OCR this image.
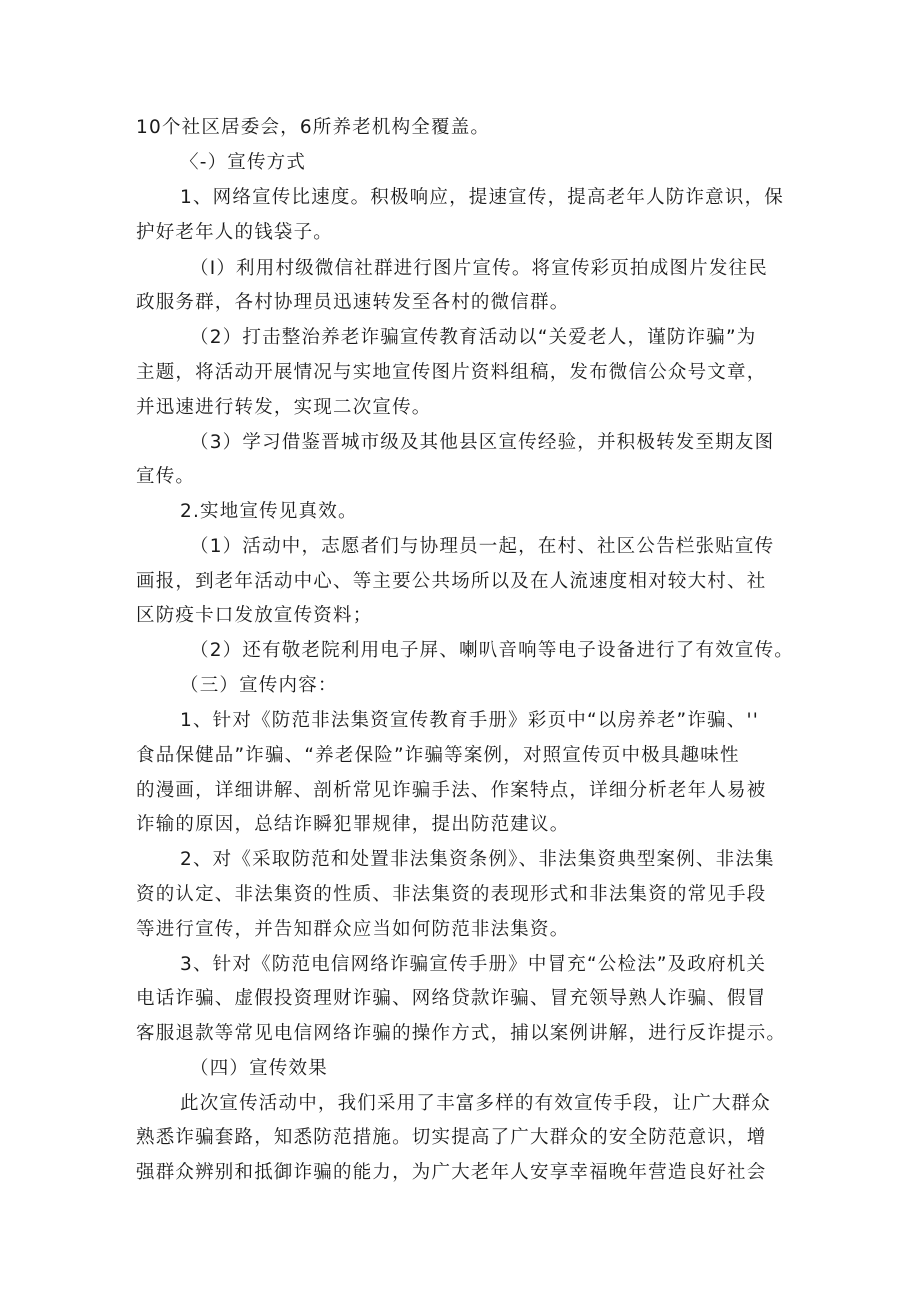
10个社区居委会，6所养老机构全覆盖。
〈-）宣传方式
1、网络宣传比速度。积极响应，提速宣传，提高老年人防诈意识，保
护好老年人的钱袋子。
（I）利用村级微信社群进行图片宣传。将宣传彩页拍成图片发往民
政服务群，各村协理员迅速转发至各村的微信群。
（2）打击整治养老诈骗宣传教育活动以“关爱老人，谨防诈骗”为
主题，将活动开展情况与实地宣传图片资料组稿，发布微信公众号文章，
并迅速进行转发，实现二次宣传。
（3）学习借鉴晋城市级及其他县区宣传经验，并积极转发至期友图
宣传。
2.实地宣传见真效。
（1）活动中，志愿者们与协理员一起，在村、社区公告栏张贴宣传
画报，到老年活动中心、等主要公共场所以及在人流速度相对较大村、社
区防疫卡口发放宣传资料；
（2）还有敬老院利用电子屏、喇叭音响等电子设备进行了有效宣传。
（三）宣传内容：
1、针对《防范非法集资宣传教育手册》彩页中“以房养老”诈骗、''
食品保健品”诈骗、“养老保险”诈骗等案例，对照宣传页中极具趣味性
的漫画，详细讲解、剖析常见诈骗手法、作案特点，详细分析老年人易被
诈输的原因，总结诈瞬犯罪规律，提出防范建议。
2、对《采取防范和处置非法集资条例》、非法集资典型案例、非法集
资的认定、非法集资的性质、非法集资的表现形式和非法集资的常见手段
等进行宣传，并告知群众应当如何防范非法集资。
3、针对《防范电信网络诈骗宣传手册》中冒充“公检法”及政府机关
电话诈骗、虚假投资理财诈骗、网络贷款诈骗、冒充领导熟人诈骗、假冒
客服退款等常见电信网络诈骗的操作方式，捕以案例讲解，进行反诈提示。
（四）宣传效果
此次宣传活动中，我们采用了丰富多样的有效宣传手段，让广大群众
熟悉诈骗套路，知悉防范措施。切实提高了广大群众的安全防范意识，增
强群众辨别和抵御诈骗的能力，为广大老年人安享幸福晚年营造良好社会
